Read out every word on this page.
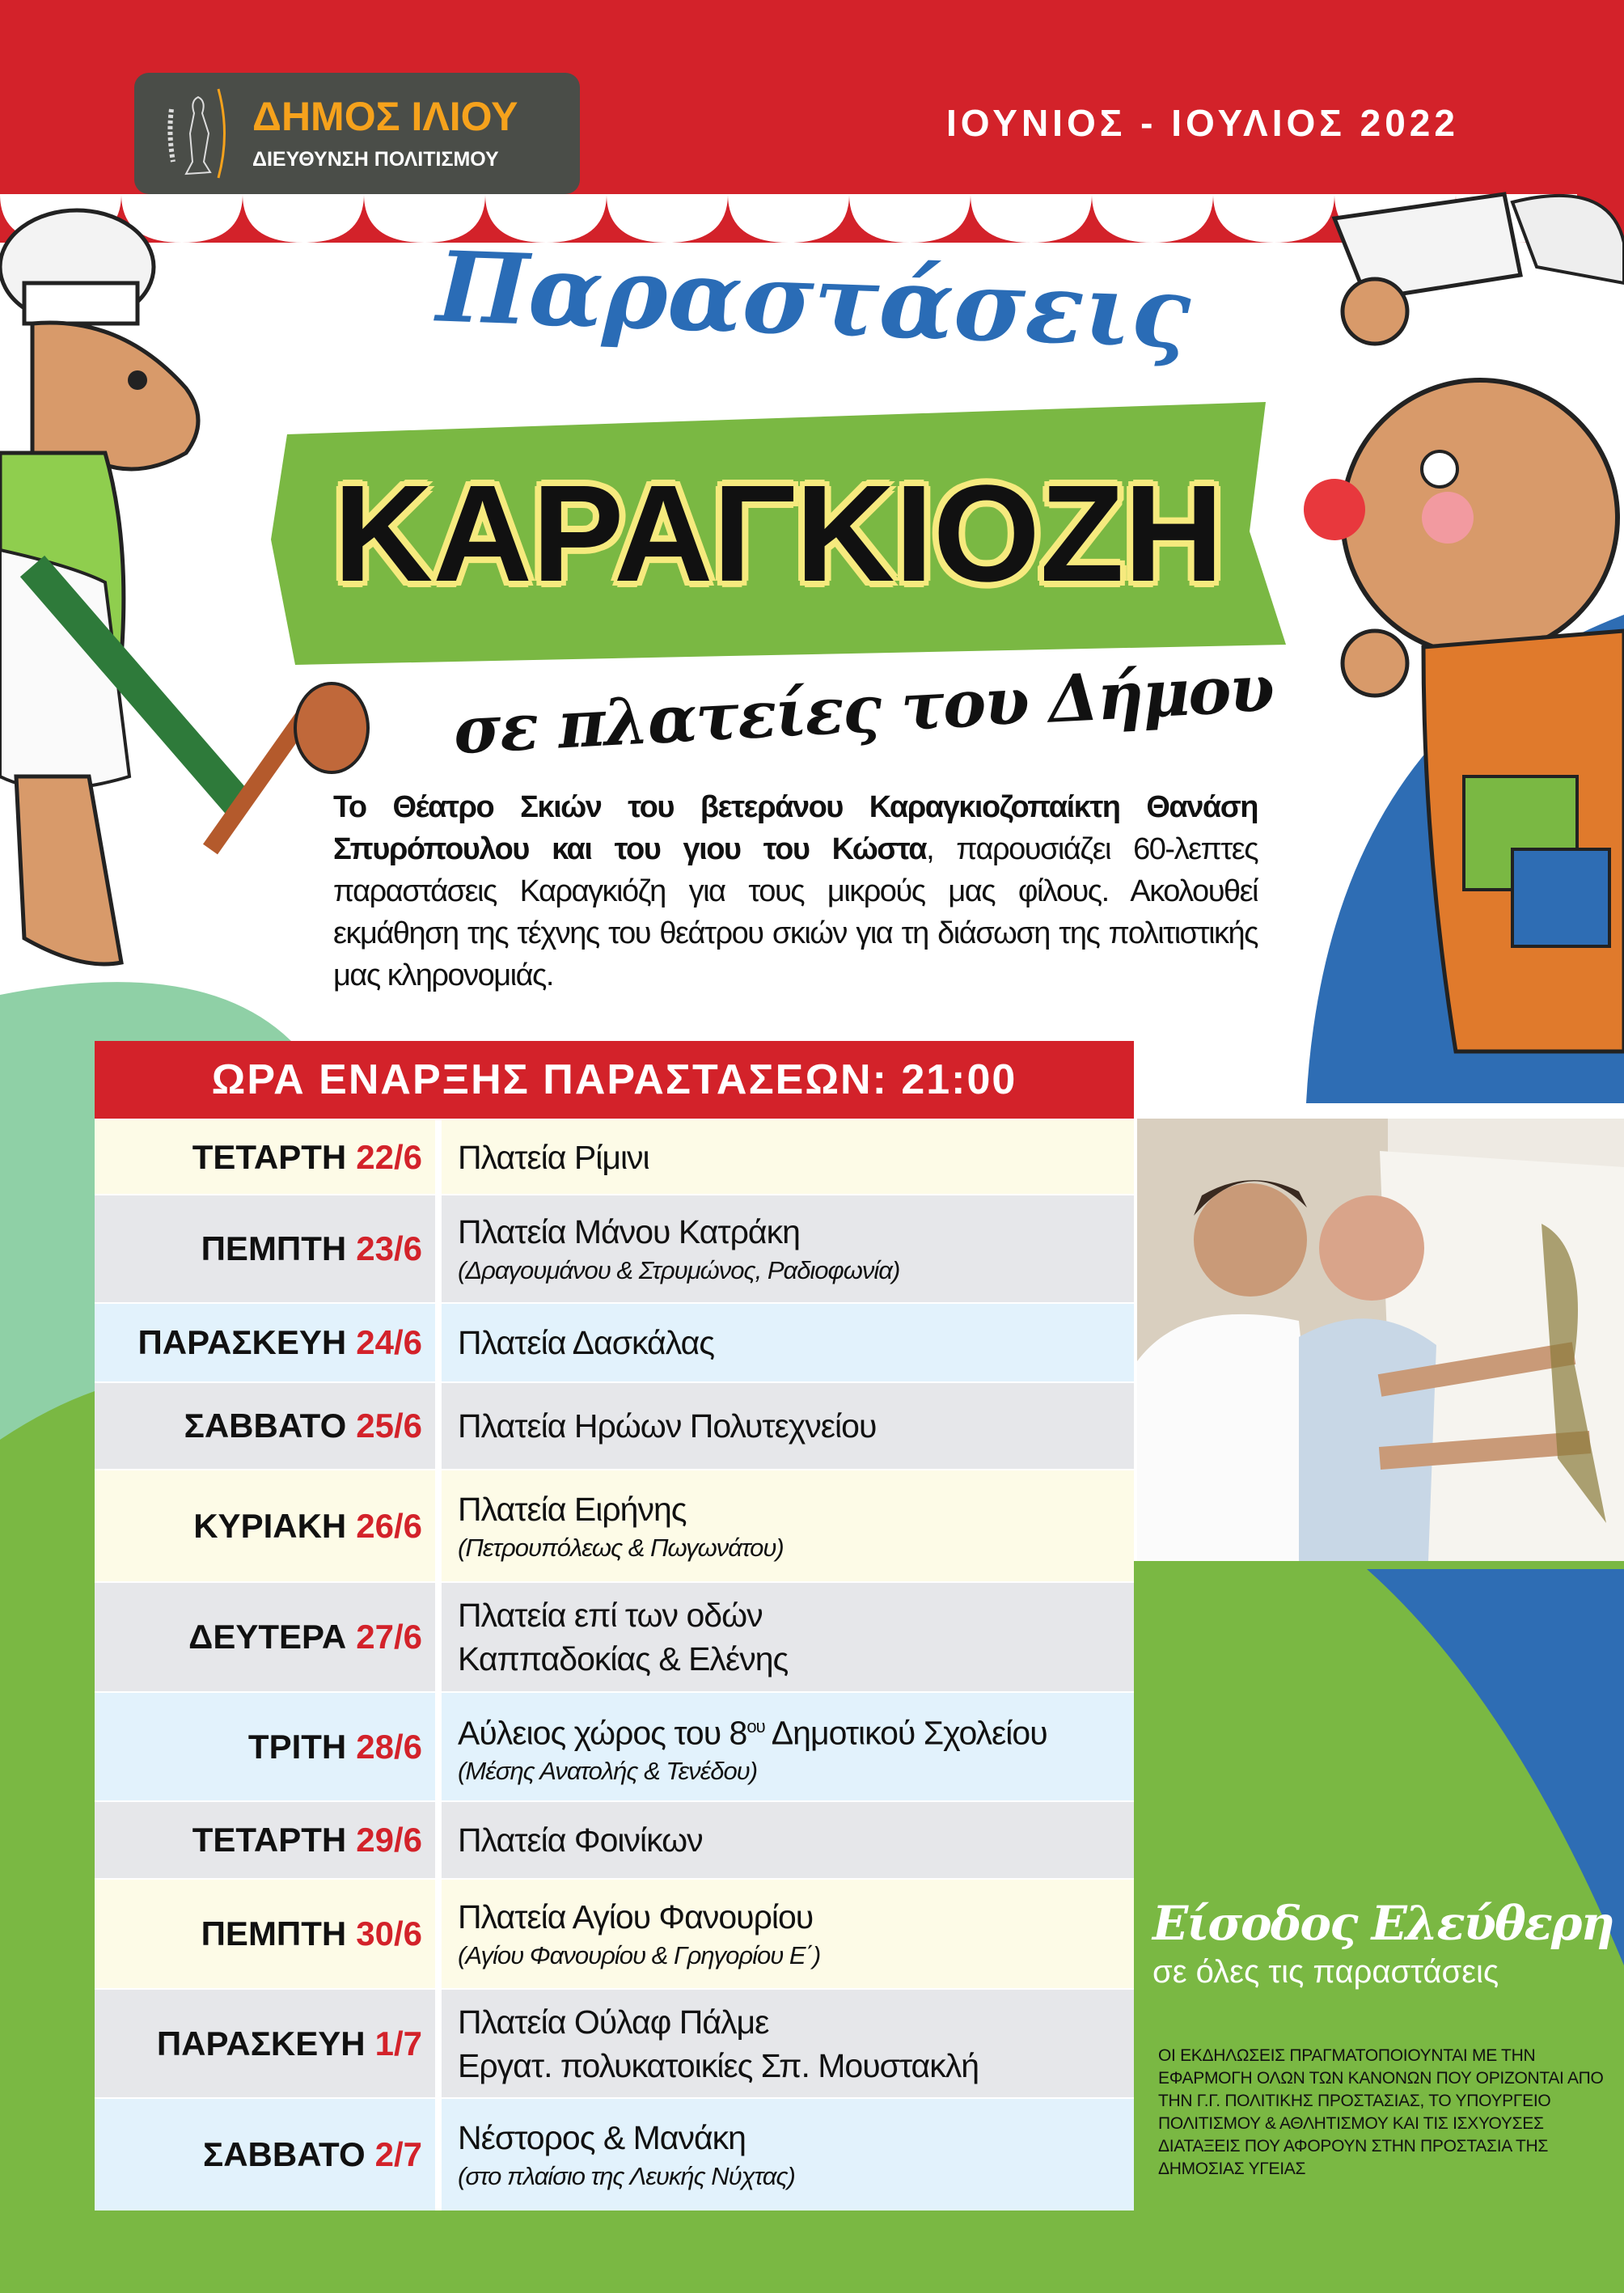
ΔΗΜΟΣ ΙΛΙΟΥ
ΔΙΕΥΘΥΝΣΗ ΠΟΛΙΤΙΣΜΟΥ
ΙΟΥΝΙΟΣ - ΙΟΥΛΙΟΣ 2022
Παραστάσεις
ΚΑΡΑΓΚΙΟΖΗ
σε πλατείες του Δήμου
Το Θέατρο Σκιών του βετεράνου Καραγκιοζοπαίκτη Θανάση Σπυρόπουλου και του γιου του Κώστα, παρουσιάζει 60-λεπτες παραστάσεις Καραγκιόζη για τους μικρούς μας φίλους. Ακολουθεί εκμάθηση της τέχνης του θεάτρου σκιών για τη διάσωση της πολιτιστικής μας κληρονομιάς.
ΩΡΑ ΕΝΑΡΞΗΣ ΠΑΡΑΣΤΑΣΕΩΝ: 21:00
ΤΕΤΑΡΤΗ 22/6 Πλατεία Ρίμινι
ΠΕΜΠΤΗ 23/6 Πλατεία Μάνου Κατράκη
(Δραγουμάνου & Στρυμώνος, Ραδιοφωνία)
ΠΑΡΑΣΚΕΥΗ 24/6 Πλατεία Δασκάλας
ΣΑΒΒΑΤΟ 25/6 Πλατεία Ηρώων Πολυτεχνείου
ΚΥΡΙΑΚΗ 26/6 Πλατεία Ειρήνης
(Πετρουπόλεως & Πωγωνάτου)
ΔΕΥΤΕΡΑ 27/6
Πλατεία επί των οδών
Καππαδοκίας & Ελένης
ΤΡΙΤΗ 28/6 Αύλειος χώρος του $8^{o\upsilon}$ Δημοτικού Σχολείου
(Μέσης Ανατολής & Τενέδου)
ΤΕΤΑΡΤΗ 29/6 Πλατεία Φοινίκων
ΠΕΜΠΤΗ 30/6 Πλατεία Αγίου Φανουρίου
(Αγίου Φανουρίου & Γρηγορίου Ε΄)
ΠΑΡΑΣΚΕΥΗ 1/7
Πλατεία Ούλαφ Πάλμε
Εργατ. πολυκατοικίες Σπ. Μουστακλή
ΣΑΒΒΑΤΟ 2/7 Νέστορος & Μανάκη
(στο πλαίσιο της Λευκής Νύχτας)
Είσοδος Ελεύθερη
σε όλες τις παραστάσεις
ΟΙ ΕΚΔΗΛΩΣΕΙΣ ΠΡΑΓΜΑΤΟΠΟΙΟΥΝΤΑΙ ΜΕ ΤΗΝ ΕΦΑΡΜΟΓΗ ΟΛΩΝ ΤΩΝ ΚΑΝΟΝΩΝ ΠΟΥ ΟΡΙΖΟΝΤΑΙ ΑΠΟ ΤΗΝ Γ.Γ. ΠΟΛΙΤΙΚΗΣ ΠΡΟΣΤΑΣΙΑΣ, ΤΟ ΥΠΟΥΡΓΕΙΟ ΠΟΛΙΤΙΣΜΟΥ & ΑΘΛΗΤΙΣΜΟΥ ΚΑΙ ΤΙΣ ΙΣΧΥΟΥΣΕΣ ΔΙΑΤΑΞΕΙΣ ΠΟΥ ΑΦΟΡΟΥΝ ΣΤΗΝ ΠΡΟΣΤΑΣΙΑ ΤΗΣ ΔΗΜΟΣΙΑΣ ΥΓΕΙΑΣ
